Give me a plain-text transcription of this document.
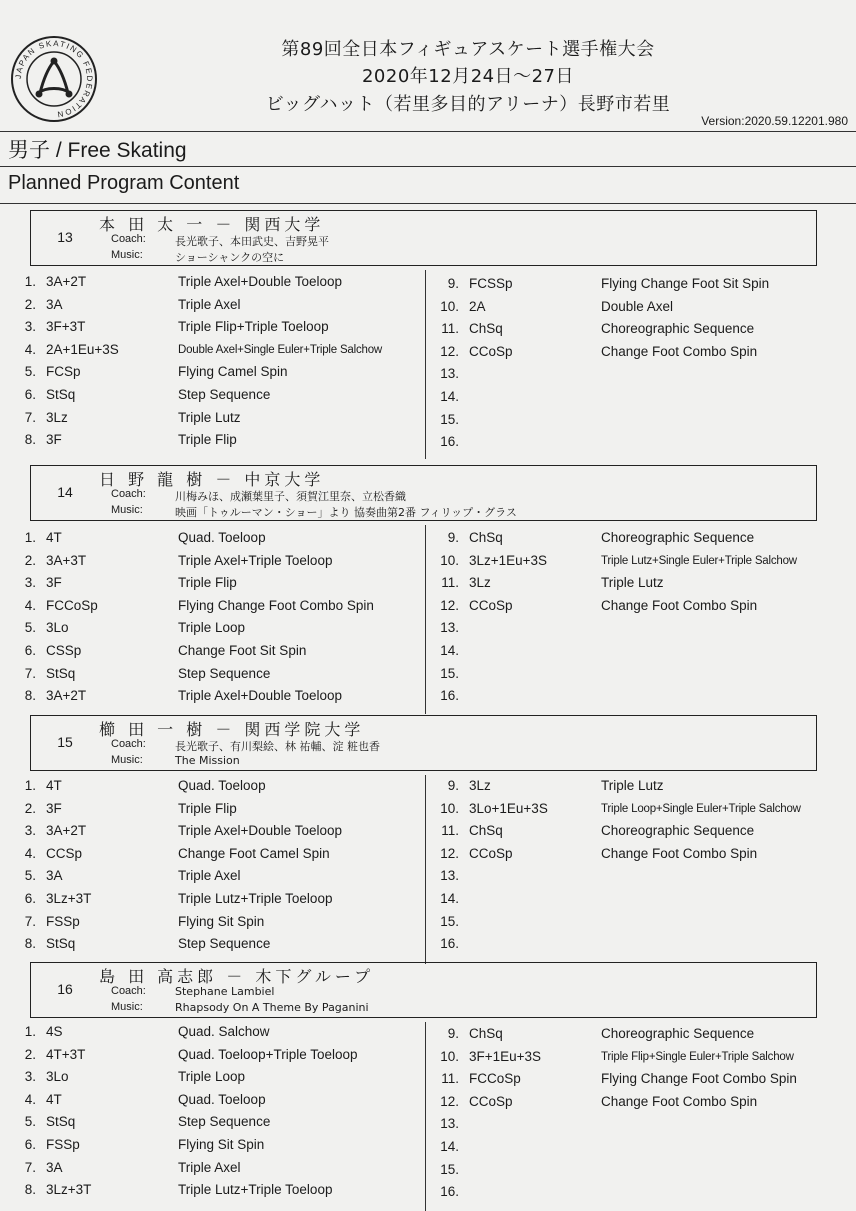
JAPAN SKATING FEDERATION
第89回全日本フィギュアスケート選手権大会
2020年12月24日～27日
ビッグハット（若里多目的アリーナ）長野市若里
Version:2020.59.12201.980
男子 / Free Skating
Planned Program Content
本 田 太 一 － 関西大学
13	Coach:	長光歌子、本田武史、吉野晃平
Music:	ショーシャンクの空に
1. 3A+2T	Triple Axel+Double Toeloop
2. 3A	Triple Axel
3. 3F+3T	Triple Flip+Triple Toeloop
4. 2A+1Eu+3S	Double Axel+Single Euler+Triple Salchow
5. FCSp	Flying Camel Spin
6. StSq	Step Sequence
7. 3Lz	Triple Lutz
8. 3F	Triple Flip
9. FCSSp	Flying Change Foot Sit Spin
10. 2A	Double Axel
11. ChSq	Choreographic Sequence
12. CCoSp	Change Foot Combo Spin
13.
14.
15.
16.
日 野 龍 樹 － 中京大学
14	Coach:	川梅みほ、成瀬葉里子、須賀江里奈、立松香織
Music:	映画「トゥルーマン・ショー」より 協奏曲第2番 フィリップ・グラス
1. 4T	Quad. Toeloop
2. 3A+3T	Triple Axel+Triple Toeloop
3. 3F	Triple Flip
4. FCCoSp	Flying Change Foot Combo Spin
5. 3Lo	Triple Loop
6. CSSp	Change Foot Sit Spin
7. StSq	Step Sequence
8. 3A+2T	Triple Axel+Double Toeloop
9. ChSq	Choreographic Sequence
10. 3Lz+1Eu+3S	Triple Lutz+Single Euler+Triple Salchow
11. 3Lz	Triple Lutz
12. CCoSp	Change Foot Combo Spin
13.
14.
15.
16.
櫛 田 一 樹 － 関西学院大学
15	Coach:	長光歌子、有川梨絵、林 祐輔、淀 粧也香
Music:	The Mission
1. 4T	Quad. Toeloop
2. 3F	Triple Flip
3. 3A+2T	Triple Axel+Double Toeloop
4. CCSp	Change Foot Camel Spin
5. 3A	Triple Axel
6. 3Lz+3T	Triple Lutz+Triple Toeloop
7. FSSp	Flying Sit Spin
8. StSq	Step Sequence
9. 3Lz	Triple Lutz
10. 3Lo+1Eu+3S	Triple Loop+Single Euler+Triple Salchow
11. ChSq	Choreographic Sequence
12. CCoSp	Change Foot Combo Spin
13.
14.
15.
16.
島 田 高志郎 － 木下グループ
16	Coach:	Stephane Lambiel
Music:	Rhapsody On A Theme By Paganini
1. 4S	Quad. Salchow
2. 4T+3T	Quad. Toeloop+Triple Toeloop
3. 3Lo	Triple Loop
4. 4T	Quad. Toeloop
5. StSq	Step Sequence
6. FSSp	Flying Sit Spin
7. 3A	Triple Axel
8. 3Lz+3T	Triple Lutz+Triple Toeloop
9. ChSq	Choreographic Sequence
10. 3F+1Eu+3S	Triple Flip+Single Euler+Triple Salchow
11. FCCoSp	Flying Change Foot Combo Spin
12. CCoSp	Change Foot Combo Spin
13.
14.
15.
16.
